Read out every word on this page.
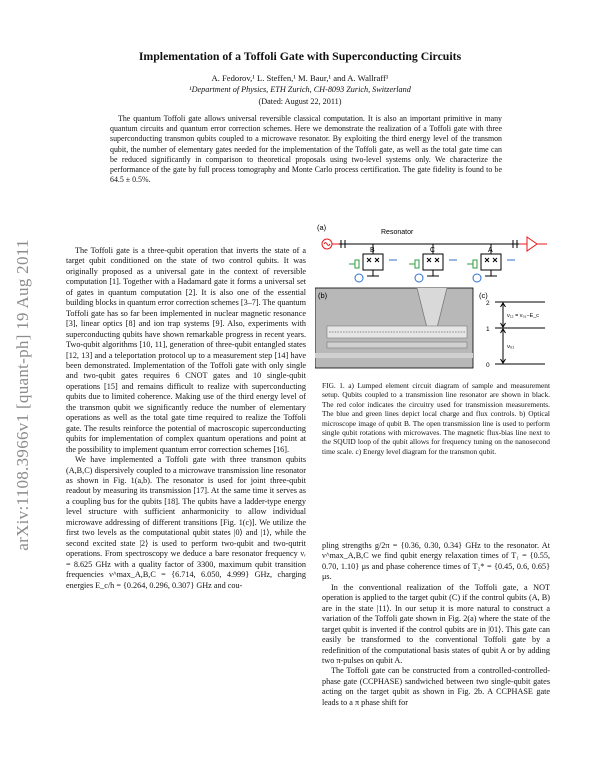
arXiv:1108.3966v1 [quant-ph] 19 Aug 2011
Implementation of a Toffoli Gate with Superconducting Circuits
A. Fedorov,¹ L. Steffen,¹ M. Baur,¹ and A. Wallraff¹
¹Department of Physics, ETH Zurich, CH-8093 Zurich, Switzerland
(Dated: August 22, 2011)

The quantum Toffoli gate allows universal reversible classical computation. It is also an important primitive in many quantum circuits and quantum error correction schemes. Here we demonstrate the realization of a Toffoli gate with three superconducting transmon qubits coupled to a microwave resonator. By exploiting the third energy level of the transmon qubit, the number of elementary gates needed for the implementation of the Toffoli gate, as well as the total gate time can be reduced significantly in comparison to theoretical proposals using two-level systems only. We characterize the performance of the gate by full process tomography and Monte Carlo process certification. The gate fidelity is found to be 64.5 ± 0.5%.

The Toffoli gate is a three-qubit operation that inverts the state of a target qubit conditioned on the state of two control qubits. It was originally proposed as a universal gate in the context of reversible computation [1]. Together with a Hadamard gate it forms a universal set of gates in quantum computation [2]. It is also one of the essential building blocks in quantum error correction schemes [3–7]. The quantum Toffoli gate has so far been implemented in nuclear magnetic resonance [3], linear optics [8] and ion trap systems [9]. Also, experiments with superconducting qubits have shown remarkable progress in recent years. Two-qubit algorithms [10, 11], generation of three-qubit entangled states [12, 13] and a teleportation protocol up to a measurement step [14] have been demonstrated. Implementation of the Toffoli gate with only single and two-qubit gates requires 6 CNOT gates and 10 single-qubit operations [15] and remains difficult to realize with superconducting qubits due to limited coherence. Making use of the third energy level of the transmon qubit we significantly reduce the number of elementary operations as well as the total gate time required to realize the Toffoli gate. The results reinforce the potential of macroscopic superconducting qubits for implementation of complex quantum operations and point at the possibility to implement quantum error correction schemes [16].

We have implemented a Toffoli gate with three transmon qubits (A,B,C) dispersively coupled to a microwave transmission line resonator as shown in Fig. 1(a,b). The resonator is used for joint three-qubit readout by measuring its transmission [17]. At the same time it serves as a coupling bus for the qubits [18]. The qubits have a ladder-type energy level structure with sufficient anharmonicity to allow individual microwave addressing of different transitions [Fig. 1(c)]. We utilize the first two levels as the computational qubit states |0⟩ and |1⟩, while the second excited state |2⟩ is used to perform two-qubit and two-qutrit operations. From spectroscopy we deduce a bare resonator frequency νᵣ = 8.625 GHz with a quality factor of 3300, maximum qubit transition frequencies ν^max_A,B,C = {6.714, 6.050, 4.999} GHz, charging energies E_c/h = {0.264, 0.296, 0.307} GHz and cou-

(a)
Resonator
B	C	A
(b)	(c)
2
1
0
ν₁₂ = ν₀₁−E_c
ν₀₁

FIG. 1. a) Lumped element circuit diagram of sample and measurement setup. Qubits coupled to a transmission line resonator are shown in black. The red color indicates the circuitry used for transmission measurements. The blue and green lines depict local charge and flux controls. b) Optical microscope image of qubit B. The open transmission line is used to perform single qubit rotations with microwaves. The magnetic flux-bias line next to the SQUID loop of the qubit allows for frequency tuning on the nanosecond time scale. c) Energy level diagram for the transmon qubit.

pling strengths g/2π = {0.36, 0.30, 0.34} GHz to the resonator. At ν^max_A,B,C we find qubit energy relaxation times of T₁ = {0.55, 0.70, 1.10} μs and phase coherence times of T₂* = {0.45, 0.6, 0.65} μs.

In the conventional realization of the Toffoli gate, a NOT operation is applied to the target qubit (C) if the control qubits (A, B) are in the state |11⟩. In our setup it is more natural to construct a variation of the Toffoli gate shown in Fig. 2(a) where the state of the target qubit is inverted if the control qubits are in |01⟩. This gate can easily be transformed to the conventional Toffoli gate by a redefinition of the computational basis states of qubit A or by adding two π-pulses on qubit A.

The Toffoli gate can be constructed from a controlled-controlled-phase gate (CCPHASE) sandwiched between two single-qubit gates acting on the target qubit as shown in Fig. 2b. A CCPHASE gate leads to a π phase shift for
